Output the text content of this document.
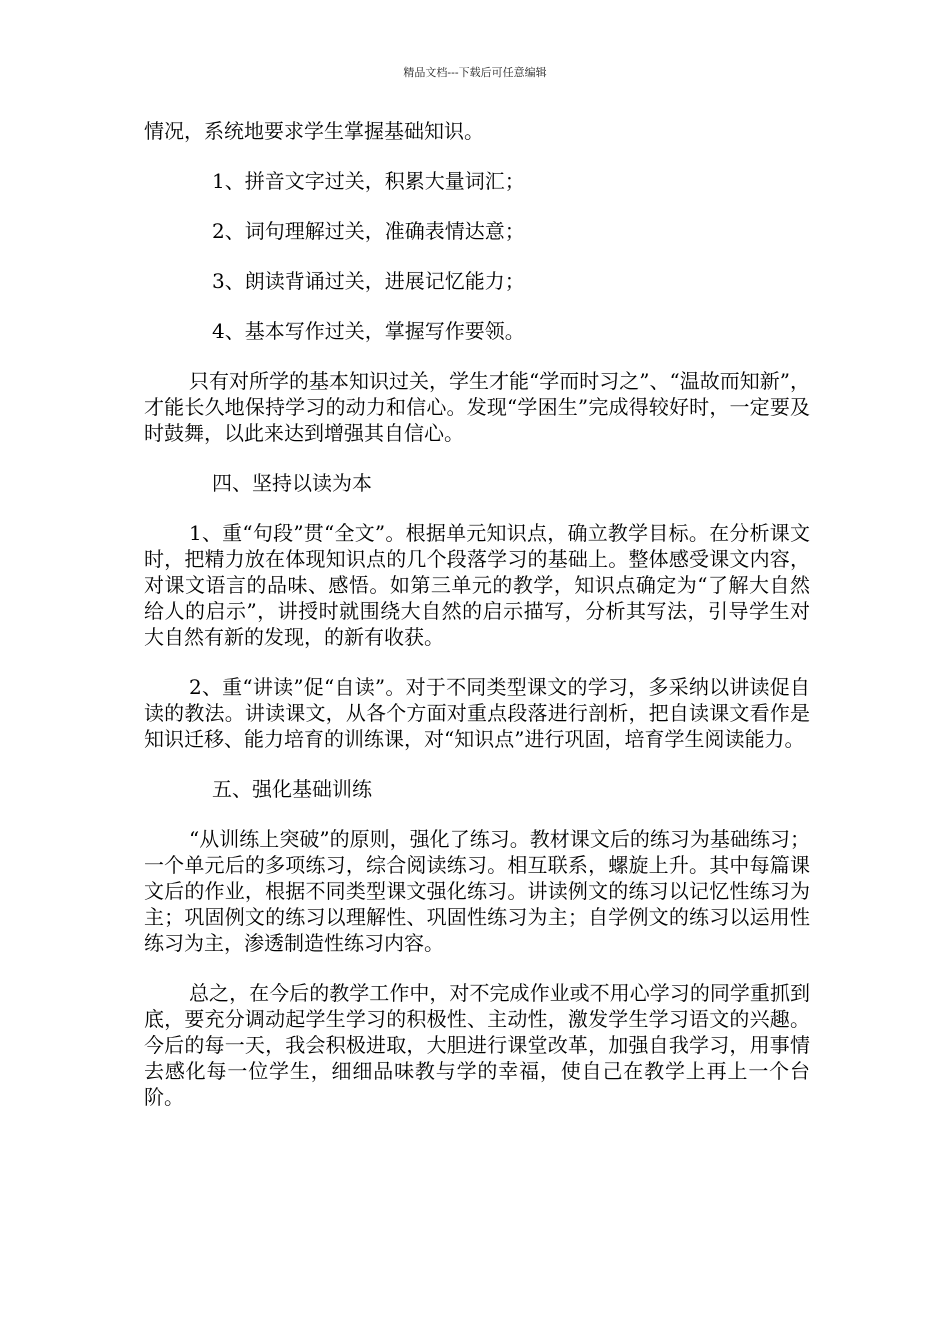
精品文档---下载后可任意编辑

情况，系统地要求学生掌握基础知识。

1、拼音文字过关，积累大量词汇；

2、词句理解过关，准确表情达意；

3、朗读背诵过关，进展记忆能力；

4、基本写作过关，掌握写作要领。

只有对所学的基本知识过关，学生才能“学而时习之”、“温故而知新”，才能长久地保持学习的动力和信心。发现“学困生”完成得较好时，一定要及时鼓舞，以此来达到增强其自信心。

四、坚持以读为本

1、重“句段”贯“全文”。根据单元知识点，确立教学目标。在分析课文时，把精力放在体现知识点的几个段落学习的基础上。整体感受课文内容，对课文语言的品味、感悟。如第三单元的教学，知识点确定为“了解大自然给人的启示”，讲授时就围绕大自然的启示描写，分析其写法，引导学生对大自然有新的发现，的新有收获。

2、重“讲读”促“自读”。对于不同类型课文的学习，多采纳以讲读促自读的教法。讲读课文，从各个方面对重点段落进行剖析，把自读课文看作是知识迁移、能力培育的训练课，对“知识点”进行巩固，培育学生阅读能力。

五、强化基础训练

“从训练上突破”的原则，强化了练习。教材课文后的练习为基础练习；一个单元后的多项练习，综合阅读练习。相互联系，螺旋上升。其中每篇课文后的作业，根据不同类型课文强化练习。讲读例文的练习以记忆性练习为主；巩固例文的练习以理解性、巩固性练习为主；自学例文的练习以运用性练习为主，渗透制造性练习内容。

总之，在今后的教学工作中，对不完成作业或不用心学习的同学重抓到底，要充分调动起学生学习的积极性、主动性，激发学生学习语文的兴趣。今后的每一天，我会积极进取，大胆进行课堂改革，加强自我学习，用事情去感化每一位学生，细细品味教与学的幸福，使自己在教学上再上一个台阶。
